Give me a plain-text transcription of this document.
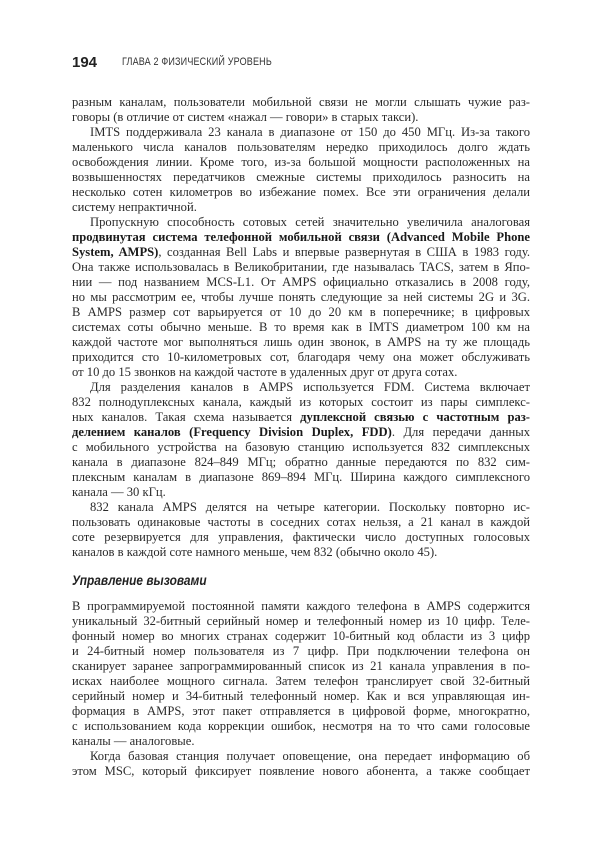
194 ГЛАВА 2 ФИЗИЧЕСКИЙ УРОВЕНЬ
разным каналам, пользователи мобильной связи не могли слышать чужие раз-
говоры (в отличие от систем «нажал — говори» в старых такси).
IMTS поддерживала 23 канала в диапазоне от 150 до 450 МГц. Из-за такого
маленького числа каналов пользователям нередко приходилось долго ждать
освобождения линии. Кроме того, из-за большой мощности расположенных на
возвышенностях передатчиков смежные системы приходилось разносить на
несколько сотен километров во избежание помех. Все эти ограничения делали
систему непрактичной.
Пропускную способность сотовых сетей значительно увеличила аналоговая
продвинутая система телефонной мобильной связи (Advanced Mobile Phone
System, AMPS), созданная Bell Labs и впервые развернутая в США в 1983 году.
Она также использовалась в Великобритании, где называлась TACS, затем в Япо-
нии — под названием MCS-L1. От AMPS официально отказались в 2008 году,
но мы рассмотрим ее, чтобы лучше понять следующие за ней системы 2G и 3G.
В AMPS размер сот варьируется от 10 до 20 км в поперечнике; в цифровых
системах соты обычно меньше. В то время как в IMTS диаметром 100 км на
каждой частоте мог выполняться лишь один звонок, в AMPS на ту же площадь
приходится сто 10-километровых сот, благодаря чему она может обслуживать
от 10 до 15 звонков на каждой частоте в удаленных друг от друга сотах.
Для разделения каналов в AMPS используется FDM. Система включает
832 полнодуплексных канала, каждый из которых состоит из пары симплекс-
ных каналов. Такая схема называется дуплексной связью с частотным раз-
делением каналов (Frequency Division Duplex, FDD). Для передачи данных
с мобильного устройства на базовую станцию используется 832 симплексных
канала в диапазоне 824–849 МГц; обратно данные передаются по 832 сим-
плексным каналам в диапазоне 869–894 МГц. Ширина каждого симплексного
канала — 30 кГц.
832 канала AMPS делятся на четыре категории. Поскольку повторно ис-
пользовать одинаковые частоты в соседних сотах нельзя, а 21 канал в каждой
соте резервируется для управления, фактически число доступных голосовых
каналов в каждой соте намного меньше, чем 832 (обычно около 45).
Управление вызовами
В программируемой постоянной памяти каждого телефона в AMPS содержится
уникальный 32-битный серийный номер и телефонный номер из 10 цифр. Теле-
фонный номер во многих странах содержит 10-битный код области из 3 цифр
и 24-битный номер пользователя из 7 цифр. При подключении телефона он
сканирует заранее запрограммированный список из 21 канала управления в по-
исках наиболее мощного сигнала. Затем телефон транслирует свой 32-битный
серийный номер и 34-битный телефонный номер. Как и вся управляющая ин-
формация в AMPS, этот пакет отправляется в цифровой форме, многократно,
с использованием кода коррекции ошибок, несмотря на то что сами голосовые
каналы — аналоговые.
Когда базовая станция получает оповещение, она передает информацию об
этом MSC, который фиксирует появление нового абонента, а также сообщает
